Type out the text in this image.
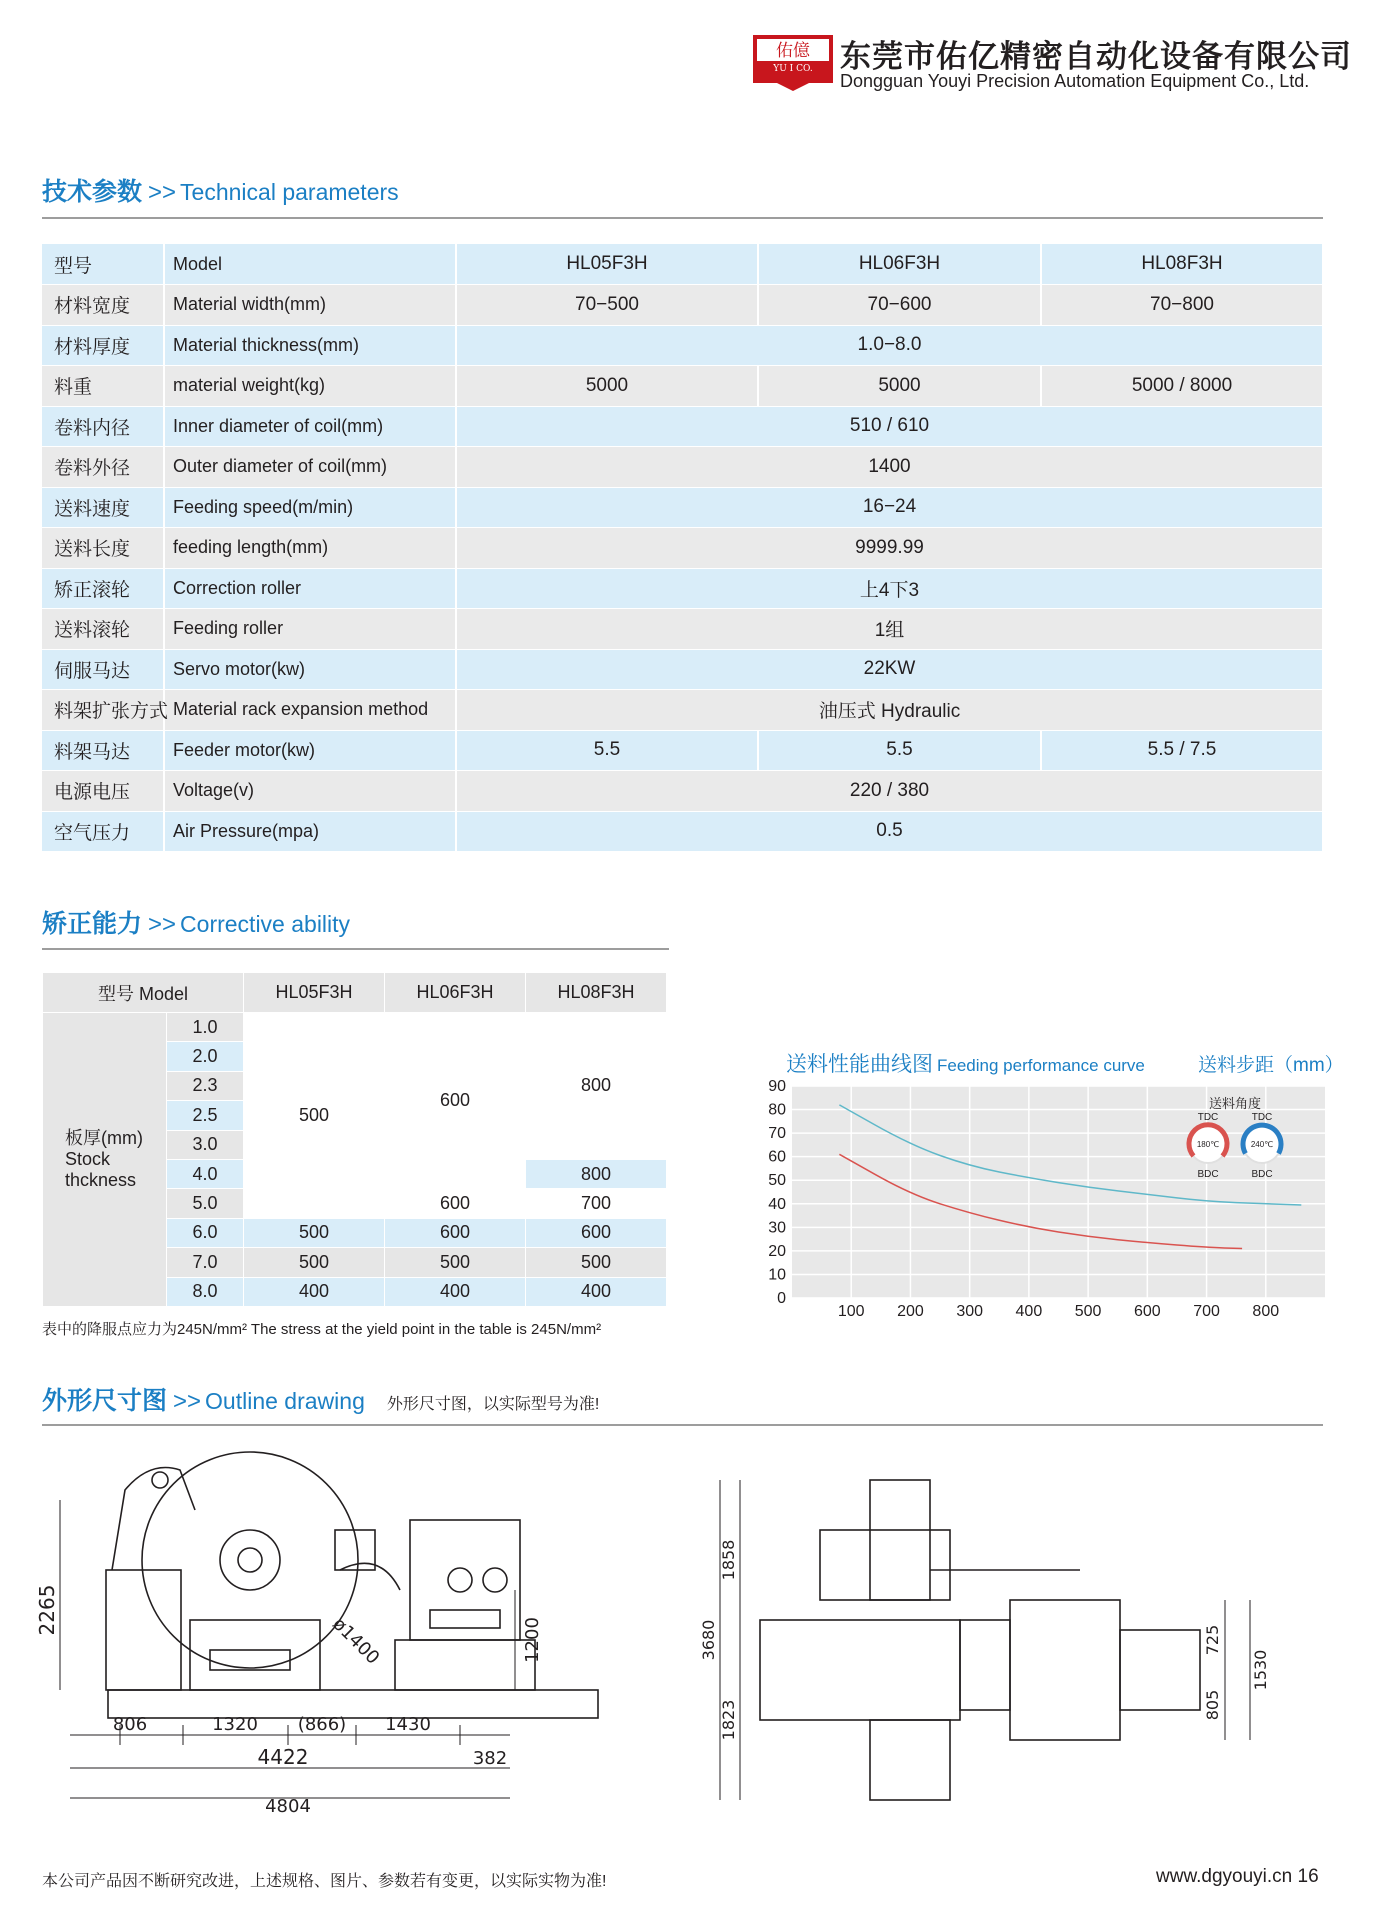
佑億
YU I CO. 东莞市佑亿精密自动化设备有限公司
Dongguan Youyi Precision Automation Equipment Co., Ltd.
技术参数 >> Technical parameters
型号	Model	HL05F3H	HL06F3H	HL08F3H
材料宽度	Material width(mm)	70−500	70−600	70−800
材料厚度	Material thickness(mm)	1.0−8.0		
料重	material weight(kg)	5000	5000	5000 / 8000
卷料内径	Inner diameter of coil(mm)	510 / 610		
卷料外径	Outer diameter of coil(mm)	1400		
送料速度	Feeding speed(m/min)	16−24		
送料长度	feeding length(mm)	9999.99		
矫正滚轮	Correction roller	上4下3		
送料滚轮	Feeding roller	1组		
伺服马达	Servo motor(kw)	22KW		
料架扩张方式	Material rack expansion method	油压式 Hydraulic		
料架马达	Feeder motor(kw)	5.5	5.5	5.5 / 7.5
电源电压	Voltage(v)	220 / 380		
空气压力	Air Pressure(mpa)	0.5		
矫正能力 >> Corrective ability
型号 Model		HL05F3H	HL06F3H	HL08F3H

板厚(mm)
Stock
thckness	1.0	500	600	800
	2.0			
	2.3			
	2.5			
	3.0			
	4.0			800
	5.0		600	700
	6.0	500	600	600
	7.0	500	500	500
	8.0	400	400	400
表中的降服点应力为245N/mm² The stress at the yield point in the table is 245N/mm²
送料性能曲线图 Feeding performance curve	送料步距（mm）
0
10
20
30
40
50
60
70
80
90
100 200 300 400 500 600 700 800
送料角度
TDC	TDC
180℃	240℃
BDC	BDC
外形尺寸图 >> Outline drawing 外形尺寸图，以实际型号为准!
2265
1200
806	1320 (866) 1430
4422	382
4804
ø1400	3680
1858
1823
725
805
1530
本公司产品因不断研究改进，上述规格、图片、参数若有变更，以实际实物为准!	www.dgyouyi.cn 16
